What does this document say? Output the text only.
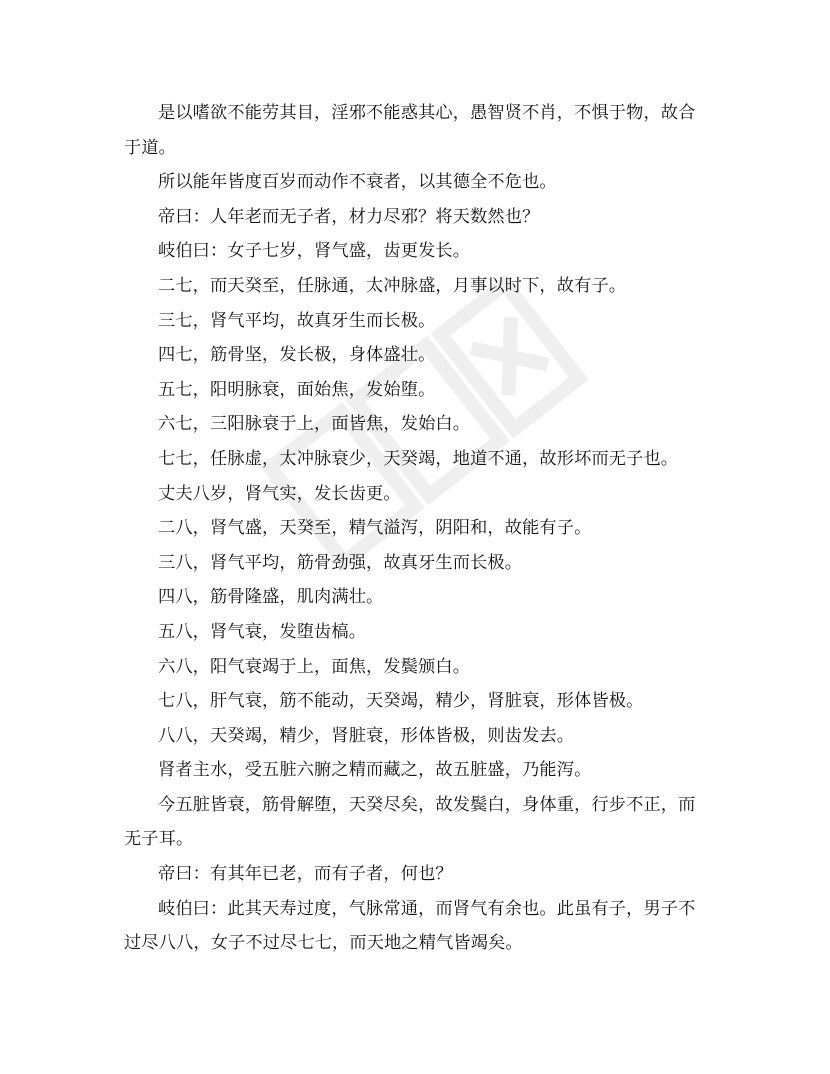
是以嗜欲不能劳其目，淫邪不能惑其心，愚智贤不肖，不惧于物，故合于道。

所以能年皆度百岁而动作不衰者，以其德全不危也。

帝曰：人年老而无子者，材力尽邪？将天数然也？

岐伯曰：女子七岁，肾气盛，齿更发长。

二七，而天癸至，任脉通，太冲脉盛，月事以时下，故有子。

三七，肾气平均，故真牙生而长极。

四七，筋骨坚，发长极，身体盛壮。

五七，阳明脉衰，面始焦，发始堕。

六七，三阳脉衰于上，面皆焦，发始白。

七七，任脉虚，太冲脉衰少，天癸竭，地道不通，故形坏而无子也。

丈夫八岁，肾气实，发长齿更。

二八，肾气盛，天癸至，精气溢泻，阴阳和，故能有子。

三八，肾气平均，筋骨劲强，故真牙生而长极。

四八，筋骨隆盛，肌肉满壮。

五八，肾气衰，发堕齿槁。

六八，阳气衰竭于上，面焦，发鬓颁白。

七八，肝气衰，筋不能动，天癸竭，精少，肾脏衰，形体皆极。

八八，天癸竭，精少，肾脏衰，形体皆极，则齿发去。

肾者主水，受五脏六腑之精而藏之，故五脏盛，乃能泻。

今五脏皆衰，筋骨解堕，天癸尽矣，故发鬓白，身体重，行步不正，而无子耳。

帝曰：有其年已老，而有子者，何也？

岐伯曰：此其天寿过度，气脉常通，而肾气有余也。此虽有子，男子不过尽八八，女子不过尽七七，而天地之精气皆竭矣。
